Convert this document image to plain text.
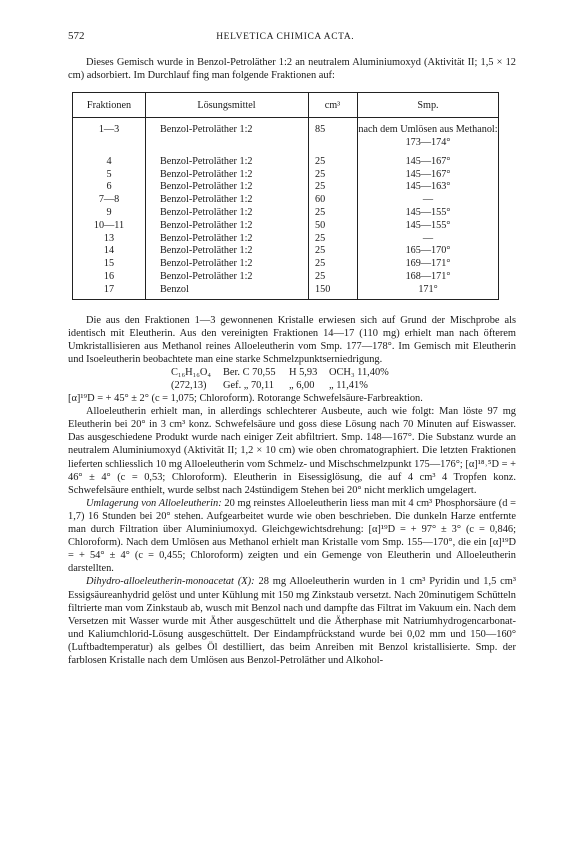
572	HELVETICA CHIMICA ACTA.

Dieses Gemisch wurde in Benzol-Petroläther 1:2 an neutralem Aluminiumoxyd (Aktivität II; 1,5 × 12 cm) adsorbiert. Im Durchlauf fing man folgende Fraktionen auf:

Fraktionen	Lösungsmittel	cm³	Smp.
1—3	Benzol-Petroläther 1:2	85	nach dem Umlösen aus Methanol: 173—174°

4	Benzol-Petroläther 1:2	25	145—167°
5	Benzol-Petroläther 1:2	25	145—167°
6	Benzol-Petroläther 1:2	25	145—163°
7—8	Benzol-Petroläther 1:2	60	—
9	Benzol-Petroläther 1:2	25	145—155°
10—11	Benzol-Petroläther 1:2	50	145—155°
13	Benzol-Petroläther 1:2	25	—
14	Benzol-Petroläther 1:2	25	165—170°
15	Benzol-Petroläther 1:2	25	169—171°
16	Benzol-Petroläther 1:2	25	168—171°
17	Benzol	150	171°

Die aus den Fraktionen 1—3 gewonnenen Kristalle erwiesen sich auf Grund der Mischprobe als identisch mit Eleutherin. Aus den vereinigten Fraktionen 14—17 (110 mg) erhielt man nach öfterem Umkristallisieren aus Methanol reines Alloeleutherin vom Smp. 177—178°. Im Gemisch mit Eleutherin und Isoeleutherin beobachtete man eine starke Schmelzpunktserniedrigung.

C₁₆H₁₆O₄ Ber. C 70,55 H 5,93 OCH₃ 11,40%
(272,13) Gef. „ 70,11 „ 6,00 „ 11,41%

[α]¹⁹D = + 45° ± 2° (c = 1,075; Chloroform). Rotorange Schwefelsäure-Farbreaktion.

Alloeleutherin erhielt man, in allerdings schlechterer Ausbeute, auch wie folgt: Man löste 97 mg Eleutherin bei 20° in 3 cm³ konz. Schwefelsäure und goss diese Lösung nach 70 Minuten auf Eiswasser. Das ausgeschiedene Produkt wurde nach einiger Zeit abfiltriert. Smp. 148—167°. Die Substanz wurde an neutralem Aluminiumoxyd (Aktivität II; 1,2 × 10 cm) wie oben chromatographiert. Die letzten Fraktionen lieferten schliesslich 10 mg Alloeleutherin vom Schmelz- und Mischschmelzpunkt 175—176°; [α]¹⁸˒⁵D = + 46° ± 4° (c = 0,53; Chloroform). Eleutherin in Eisessiglösung, die auf 4 cm³ 4 Tropfen konz. Schwefelsäure enthielt, wurde selbst nach 24stündigem Stehen bei 20° nicht merklich umgelagert.

Umlagerung von Alloeleutherin: 20 mg reinstes Alloeleutherin liess man mit 4 cm³ Phosphorsäure (d = 1,7) 16 Stunden bei 20° stehen. Aufgearbeitet wurde wie oben beschrieben. Die dunkeln Harze entfernte man durch Filtration über Aluminiumoxyd. Gleichgewichtsdrehung: [α]¹⁹D = + 97° ± 3° (c = 0,846; Chloroform). Nach dem Umlösen aus Methanol erhielt man Kristalle vom Smp. 155—170°, die ein [α]¹⁹D = + 54° ± 4° (c = 0,455; Chloroform) zeigten und ein Gemenge von Eleutherin und Alloeleutherin darstellten.

Dihydro-alloeleutherin-monoacetat (X): 28 mg Alloeleutherin wurden in 1 cm³ Pyridin und 1,5 cm³ Essigsäureanhydrid gelöst und unter Kühlung mit 150 mg Zinkstaub versetzt. Nach 20minutigem Schütteln filtrierte man vom Zinkstaub ab, wusch mit Benzol nach und dampfte das Filtrat im Vakuum ein. Nach dem Versetzen mit Wasser wurde mit Äther ausgeschüttelt und die Ätherphase mit Natriumhydrogencarbonat- und Kaliumchlorid-Lösung ausgeschüttelt. Der Eindampfrückstand wurde bei 0,02 mm und 150—160° (Luftbadtemperatur) als gelbes Öl destilliert, das beim Anreiben mit Benzol kristallisierte. Smp. der farblosen Kristalle nach dem Umlösen aus Benzol-Petroläther und Alkohol-
